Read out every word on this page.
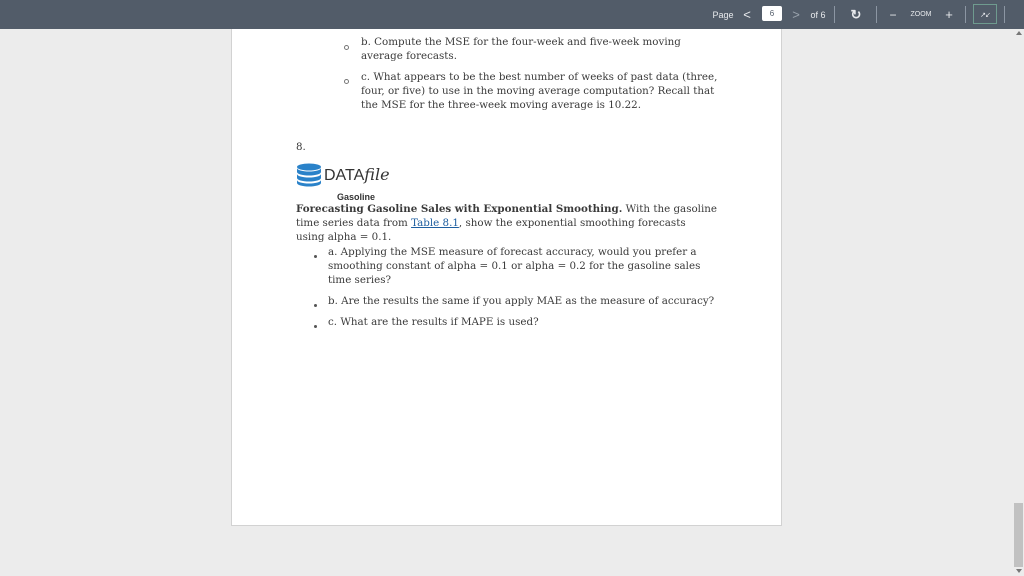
Page <	6	>	of 6	↻	−	ZOOM	+	↗↙
b. Compute the MSE for the four-week and five-week moving
average forecasts.
c. What appears to be the best number of weeks of past data (three,
four, or five) to use in the moving average computation? Recall that
the MSE for the three-week moving average is 10.22.
8.
DATAfile
Gasoline
Forecasting Gasoline Sales with Exponential Smoothing. With the gasoline
time series data from Table 8.1, show the exponential smoothing forecasts
using alpha = 0.1.
a. Applying the MSE measure of forecast accuracy, would you prefer a
smoothing constant of alpha = 0.1 or alpha = 0.2 for the gasoline sales
time series?
b. Are the results the same if you apply MAE as the measure of accuracy?
c. What are the results if MAPE is used?
